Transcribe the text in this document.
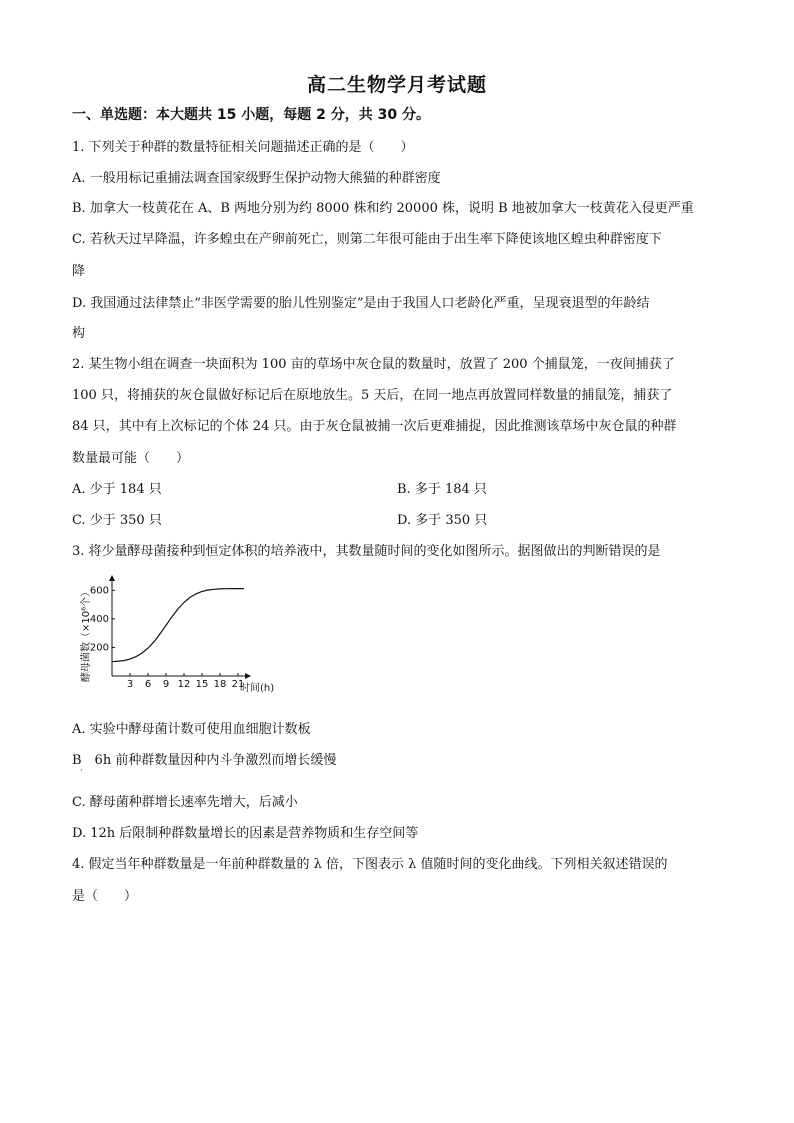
高二生物学月考试题
一、单选题：本大题共 15 小题，每题 2 分，共 30 分。
1. 下列关于种群的数量特征相关问题描述正确的是（　　）
A. 一般用标记重捕法调查国家级野生保护动物大熊猫的种群密度
B. 加拿大一枝黄花在 A、B 两地分别为约 8000 株和约 20000 株，说明 B 地被加拿大一枝黄花入侵更严重
C. 若秋天过早降温，许多蝗虫在产卵前死亡，则第二年很可能由于出生率下降使该地区蝗虫种群密度下
降
D. 我国通过法律禁止“非医学需要的胎儿性别鉴定”是由于我国人口老龄化严重，呈现衰退型的年龄结
构
2. 某生物小组在调查一块面积为 100 亩的草场中灰仓鼠的数量时，放置了 200 个捕鼠笼，一夜间捕获了
100 只，将捕获的灰仓鼠做好标记后在原地放生。5 天后，在同一地点再放置同样数量的捕鼠笼，捕获了
84 只，其中有上次标记的个体 24 只。由于灰仓鼠被捕一次后更难捕捉，因此推测该草场中灰仓鼠的种群
数量最可能（　　）
A. 少于 184 只	B. 多于 184 只
C. 少于 350 只	D. 多于 350 只
3. 将少量酵母菌接种到恒定体积的培养液中，其数量随时间的变化如图所示。据图做出的判断错误的是
酵母菌数（×10⁶个）
时间(h)
3 6 9 12 15 18 21
200
400
600
A. 实验中酵母菌计数可使用血细胞计数板
B　6h 前种群数量因种内斗争激烈而增长缓慢
·
C. 酵母菌种群增长速率先增大，后减小
D. 12h 后限制种群数量增长的因素是营养物质和生存空间等
4. 假定当年种群数量是一年前种群数量的 λ 倍，下图表示 λ 值随时间的变化曲线。下列相关叙述错误的
是（　　）
